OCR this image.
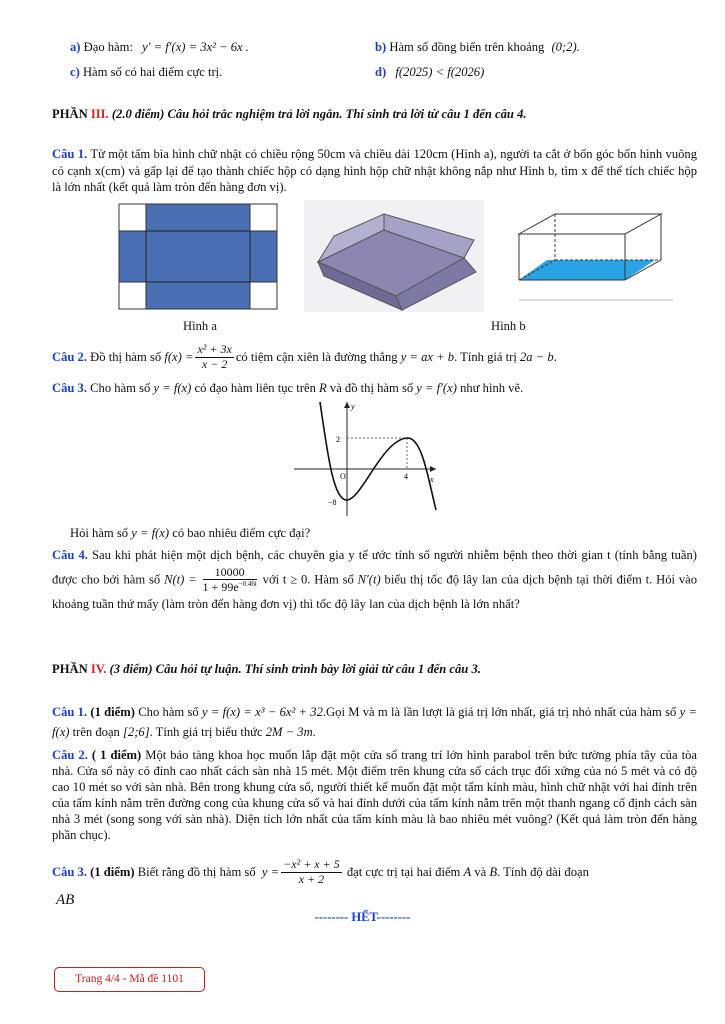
a) Đạo hàm: y′ = f′(x) = 3x² − 6x .	b) Hàm số đồng biến trên khoảng (0;2).
c) Hàm số có hai điểm cực trị.	d) f(2025) < f(2026)
PHẦN III. (2.0 điểm) Câu hỏi trắc nghiệm trả lời ngắn. Thí sinh trả lời từ câu 1 đến câu 4.
Câu 1. Từ một tấm bìa hình chữ nhật có chiều rộng 50cm và chiều dài 120cm (Hình a), người ta cắt ở bốn góc bốn hình vuông có cạnh x(cm) và gấp lại để tạo thành chiếc hộp có dạng hình hộp chữ nhật không nắp như Hình b, tìm x để thể tích chiếc hộp là lớn nhất (kết quả làm tròn đến hàng đơn vị).
Hình a	Hình b
Câu 2.
Đồ thị hàm số
$f(x) = \frac{\text{x² + 3x}}{x - 2}$ có tiệm cận xiên là đường thẳng
y = ax + b . Tính giá trị
2a − b .
Câu 3. Cho hàm số y = f(x) có đạo hàm liên tục trên R và đồ thị hàm số y = f′(x) như hình vẽ.
2
−8
4
O	x
y
Hỏi hàm số y = f(x) có bao nhiêu điểm cực đại?
Câu 4. Sau khi phát hiện một dịch bệnh, các chuyên gia y tế ước tính số người nhiễm bệnh theo thời gian t (tính bằng tuần) được cho bởi hàm số $N(t) = \frac{10000}{1 + 99e^{-0.46t}}$ với t ≥ 0. Hàm số N′(t) biểu thị tốc độ lây lan của dịch bệnh tại thời điểm t. Hỏi vào khoảng tuần thứ mấy (làm tròn đến hàng đơn vị) thì tốc độ lây lan của dịch bệnh là lớn nhất?
PHẦN IV. (3 điểm) Câu hỏi tự luận. Thí sinh trình bày lời giải từ câu 1 đến câu 3.
Câu 1. (1 điểm) Cho hàm số y = f(x) = x³ − 6x² + 32.Gọi M và m là lần lượt là giá trị lớn nhất, giá trị nhỏ nhất của hàm số y = f(x) trên đoạn [2;6]. Tính giá trị biểu thức 2M − 3m.
Câu 2. ( 1 điểm) Một bảo tàng khoa học muốn lắp đặt một cửa sổ trang trí lớn hình parabol trên bức tường phía tây của tòa nhà. Cửa sổ này có đỉnh cao nhất cách sàn nhà 15 mét. Một điểm trên khung cửa sổ cách trục đối xứng của nó 5 mét và có độ cao 10 mét so với sàn nhà. Bên trong khung cửa sổ, người thiết kế muốn đặt một tấm kính màu, hình chữ nhật với hai đỉnh trên của tấm kính nằm trên đường cong của khung cửa sổ và hai đỉnh dưới của tấm kính nằm trên một thanh ngang cố định cách sàn nhà 3 mét (song song với sàn nhà). Diện tích lớn nhất của tấm kính màu là bao nhiêu mét vuông? (Kết quả làm tròn đến hàng phần chục).
Câu 3.
(1 điểm)
Biết rằng đồ thị hàm số
$y = \frac{\text{−x² + x + 5}}{x + 2}$
đạt cực trị tại hai điểm
A
và
B . Tính độ dài đoạn
AB
-------- HẾT--------
Trang 4/4 - Mã đề 1101
